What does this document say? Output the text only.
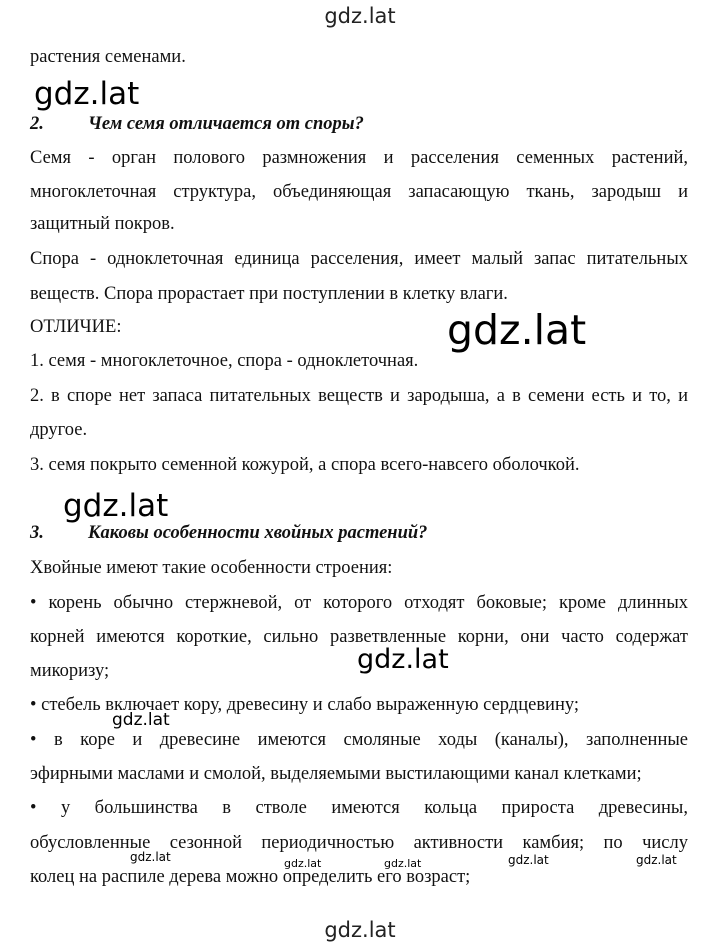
gdz.lat
растения семенами.
gdz.lat
2. Чем семя отличается от споры?
Семя - орган полового размножения и расселения семенных растений,
многоклеточная структура, объединяющая запасающую ткань, зародыш и
защитный покров.
Спора - одноклеточная единица расселения, имеет малый запас питательных
веществ. Спора прорастает при поступлении в клетку влаги.
ОТЛИЧИЕ:	gdz.lat
1. семя - многоклеточное, спора - одноклеточная.
2. в споре нет запаса питательных веществ и зародыша, а в семени есть и то, и
другое.
3. семя покрыто семенной кожурой, а спора всего-навсего оболочкой.
gdz.lat
3. Каковы особенности хвойных растений?
Хвойные имеют такие особенности строения:
• корень обычно стержневой, от которого отходят боковые; кроме длинных
корней имеются короткие, сильно разветвленные корни, они часто содержат
микоризу;	gdz.lat
• стебель включает кору, древесину и слабо выраженную сердцевину;
gdz.lat
• в коре и древесине имеются смоляные ходы (каналы), заполненные
эфирными маслами и смолой, выделяемыми выстилающими канал клетками;
• у большинства в стволе имеются кольца прироста древесины,
обусловленные сезонной периодичностью активности камбия; по числу
gdz.lat	gdz.lat	gdz.lat	gdz.lat	gdz.lat
колец на распиле дерева можно определить его возраст;
gdz.lat
